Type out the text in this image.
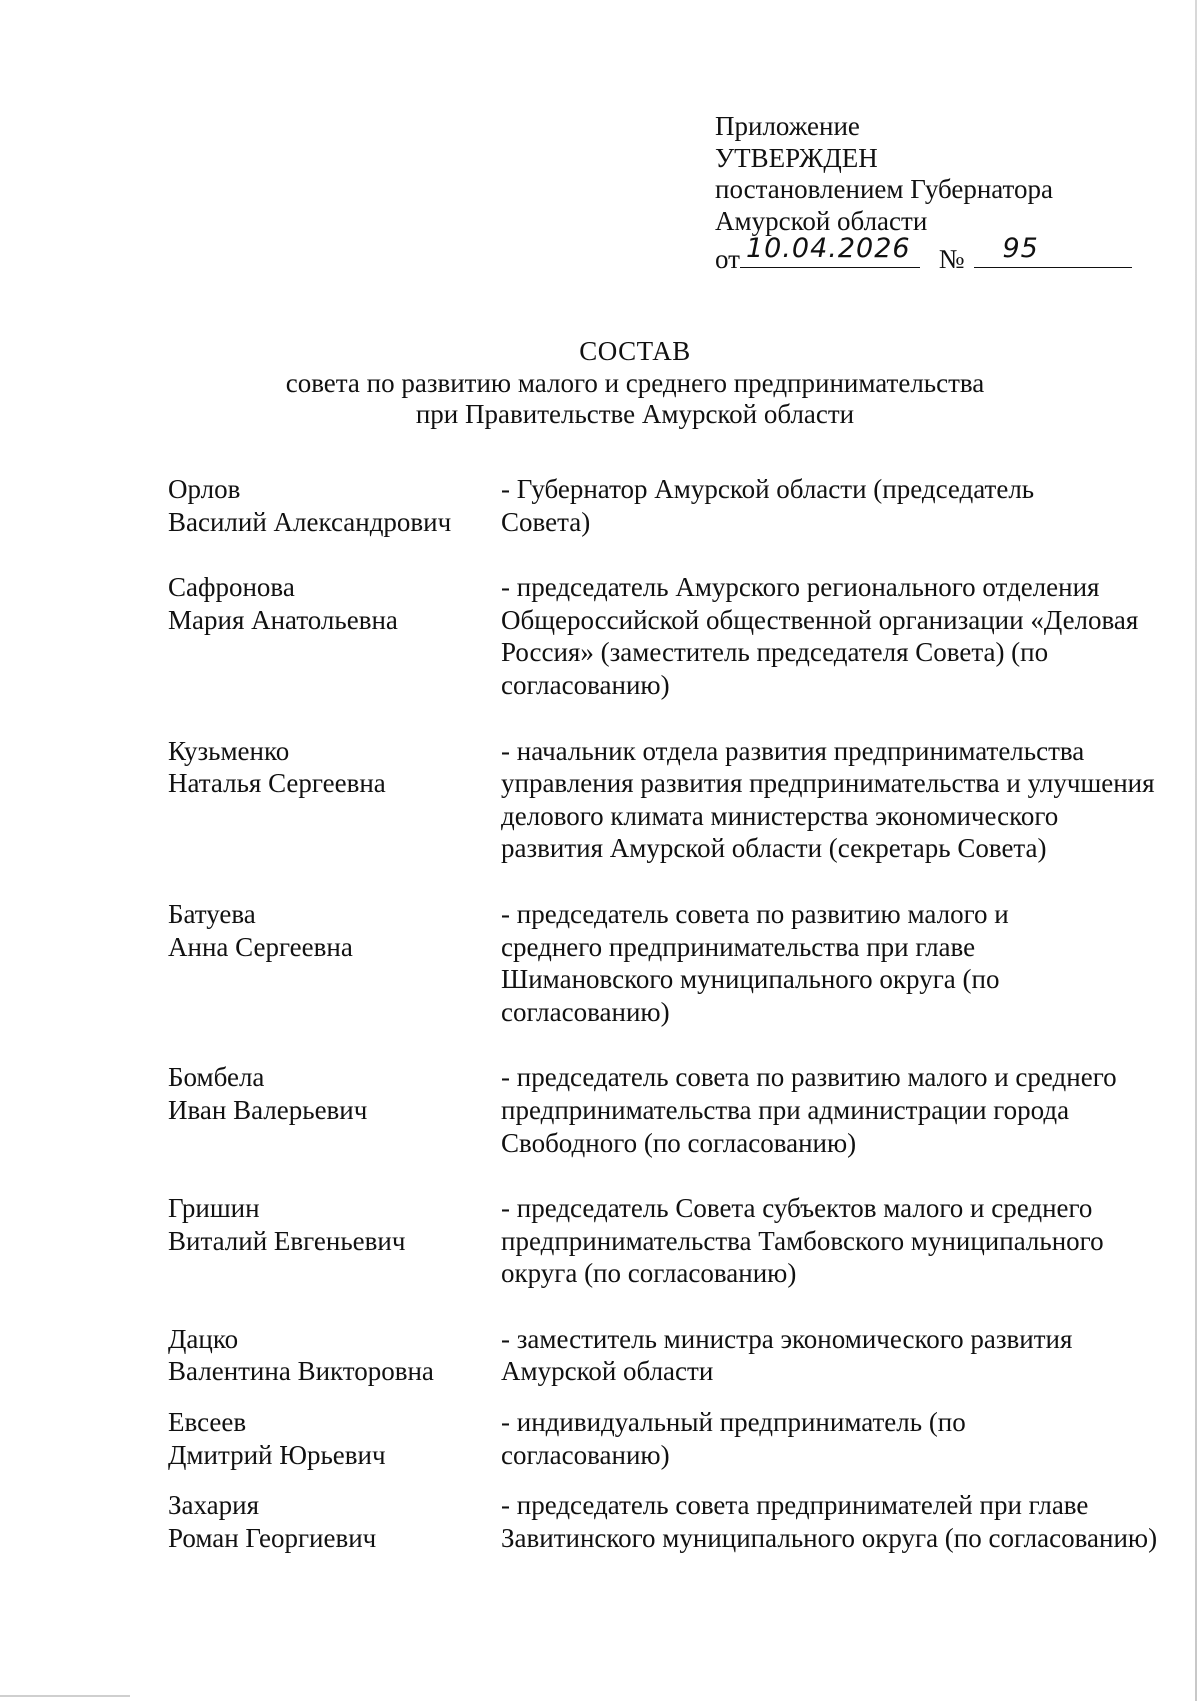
Приложение
УТВЕРЖДЕН
постановлением Губернатора
Амурской области
от 10.04.2026 № 95
СОСТАВ
совета по развитию малого и среднего предпринимательства
при Правительстве Амурской области
Орлов
Василий Александрович
- Губернатор Амурской области (председатель Совета)
Сафронова
Мария Анатольевна
- председатель Амурского регионального отделения Общероссийской общественной организации «Деловая Россия» (заместитель председателя Совета) (по согласованию)
Кузьменко
Наталья Сергеевна
- начальник отдела развития предпринимательства управления развития предпринимательства и улучшения делового климата министерства экономического развития Амурской области (секретарь Совета)
Батуева
Анна Сергеевна
- председатель совета по развитию малого и среднего предпринимательства при главе Шимановского муниципального округа (по согласованию)
Бомбела
Иван Валерьевич
- председатель совета по развитию малого и среднего предпринимательства при администрации города Свободного (по согласованию)
Гришин
Виталий Евгеньевич
- председатель Совета субъектов малого и среднего предпринимательства Тамбовского муниципального округа (по согласованию)
Дацко
Валентина Викторовна
- заместитель министра экономического развития Амурской области
Евсеев
Дмитрий Юрьевич
- индивидуальный предприниматель (по согласованию)
Захария
Роман Георгиевич
- председатель совета предпринимателей при главе Завитинского муниципального округа (по согласованию)
